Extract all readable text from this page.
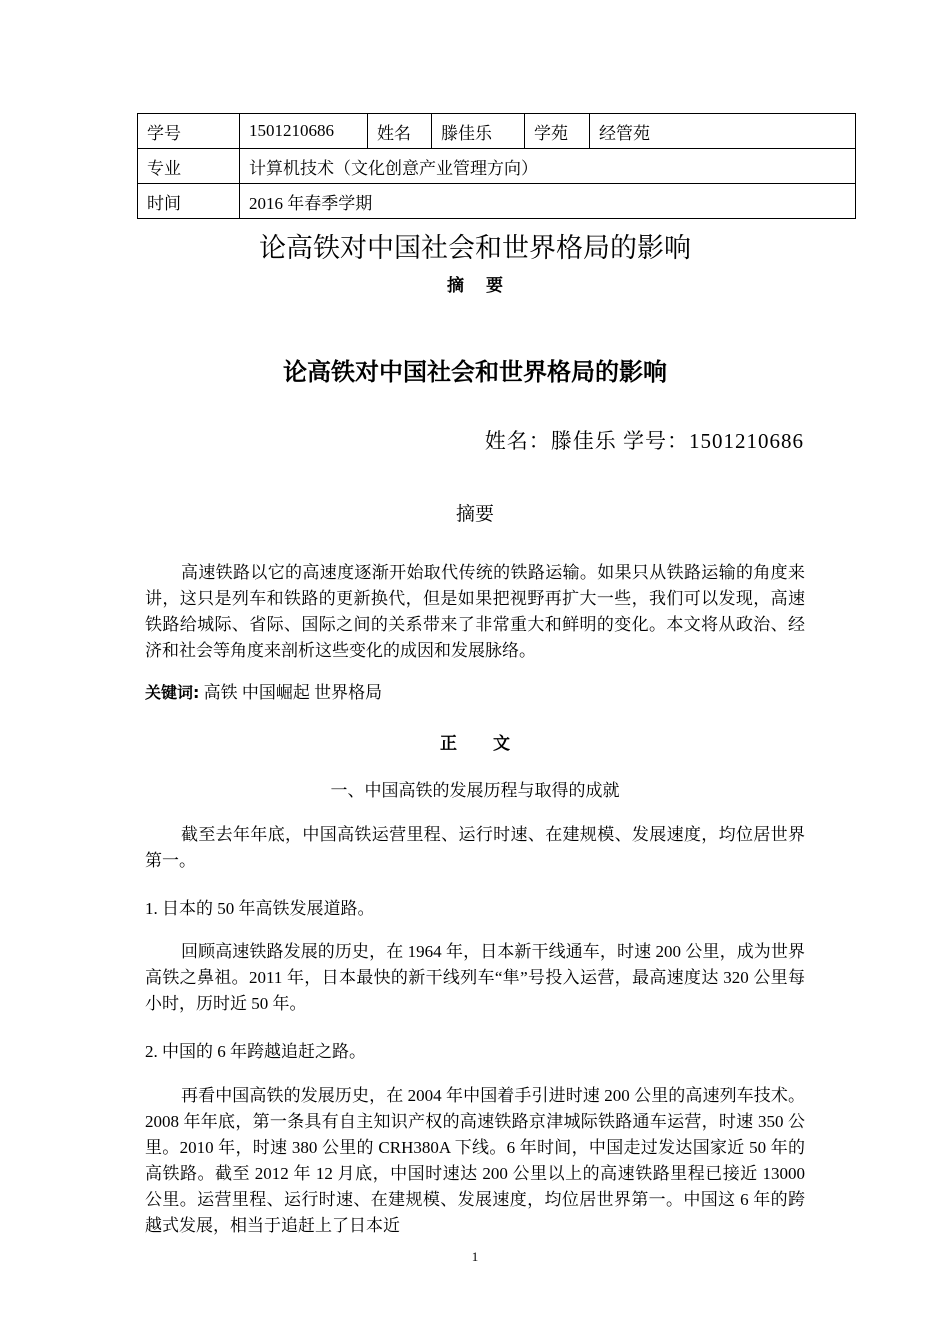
学号	1501210686	姓名	滕佳乐	学苑	经管苑
专业	计算机技术（文化创意产业管理方向）				
时间	2016 年春季学期				
论高铁对中国社会和世界格局的影响
摘要
论高铁对中国社会和世界格局的影响
姓名：滕佳乐 学号：1501210686
摘要

高速铁路以它的高速度逐渐开始取代传统的铁路运输。如果只从铁路运输的角度来讲，这只是列车和铁路的更新换代，但是如果把视野再扩大一些，我们可以发现，高速铁路给城际、省际、国际之间的关系带来了非常重大和鲜明的变化。本文将从政治、经济和社会等角度来剖析这些变化的成因和发展脉络。

关键词: 高铁 中国崛起 世界格局
正文
一、中国高铁的发展历程与取得的成就

截至去年年底，中国高铁运营里程、运行时速、在建规模、发展速度，均位居世界第一。

1. 日本的 50 年高铁发展道路。

回顾高速铁路发展的历史，在 1964 年，日本新干线通车，时速 200 公里，成为世界高铁之鼻祖。2011 年，日本最快的新干线列车“隼”号投入运营，最高速度达 320 公里每小时，历时近 50 年。

2. 中国的 6 年跨越追赶之路。

再看中国高铁的发展历史，在 2004 年中国着手引进时速 200 公里的高速列车技术。2008 年年底，第一条具有自主知识产权的高速铁路京津城际铁路通车运营，时速 350 公里。2010 年，时速 380 公里的 CRH380A 下线。6 年时间，中国走过发达国家近 50 年的高铁路。截至 2012 年 12 月底，中国时速达 200 公里以上的高速铁路里程已接近 13000 公里。运营里程、运行时速、在建规模、发展速度，均位居世界第一。中国这 6 年的跨越式发展，相当于追赶上了日本近

1
